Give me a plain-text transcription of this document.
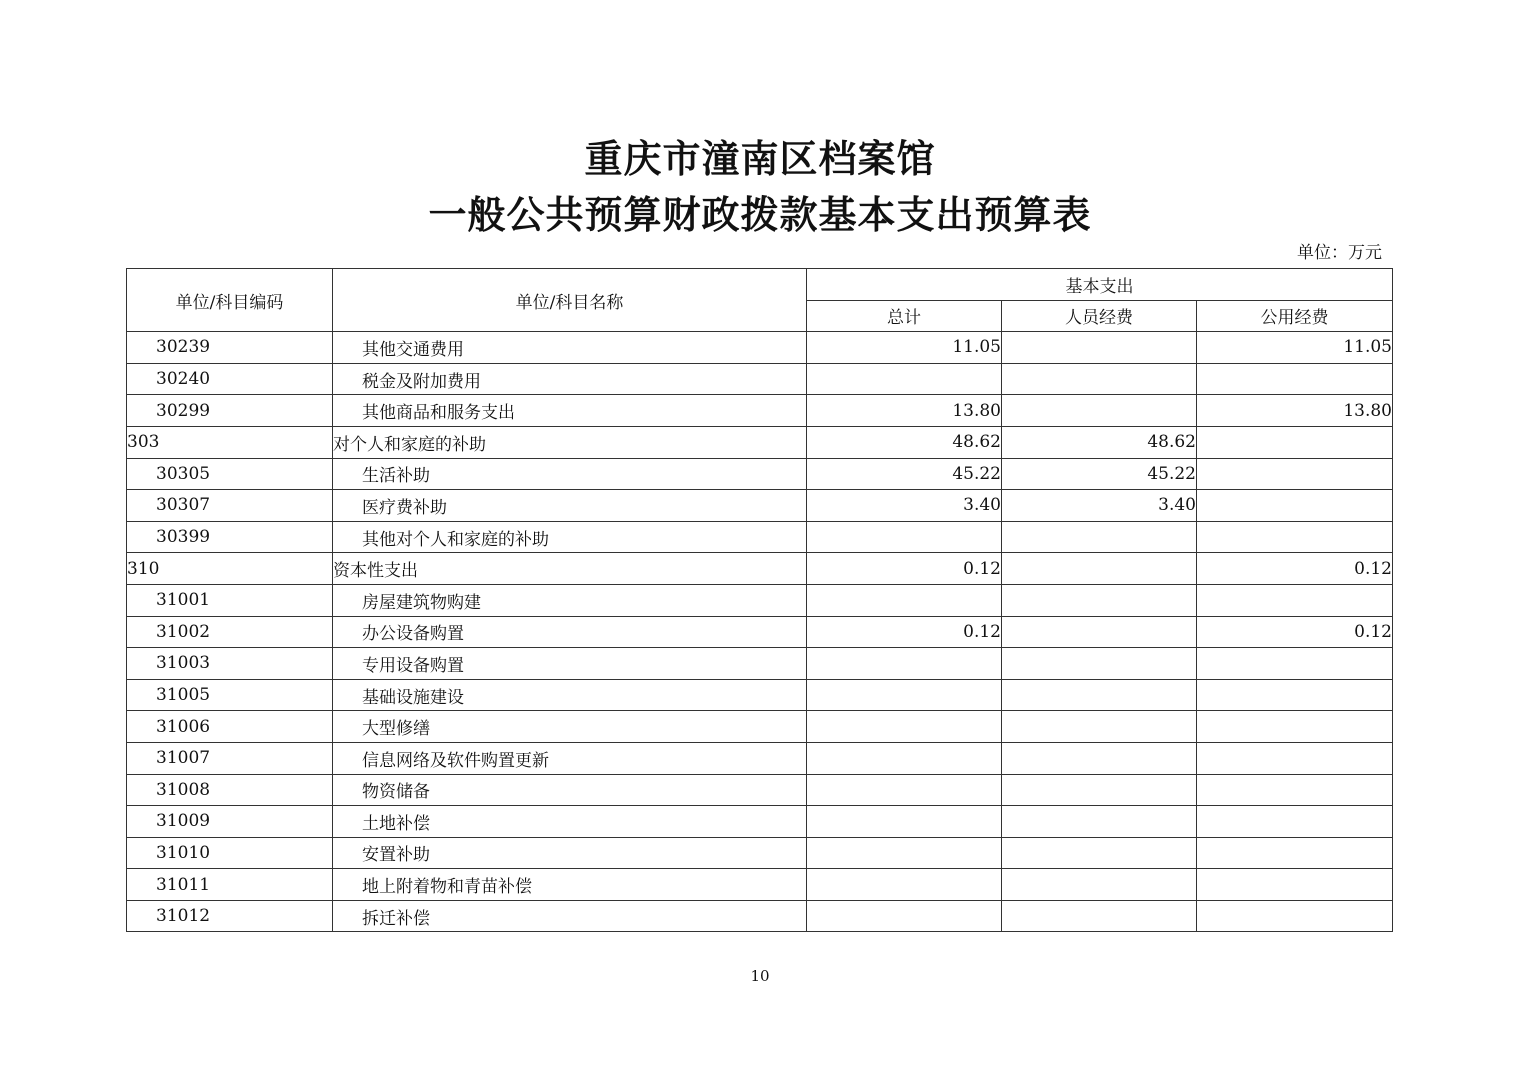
重庆市潼南区档案馆
一般公共预算财政拨款基本支出预算表
单位：万元
单位/科目编码	单位/科目名称	基本支出		
		总计	人员经费	公用经费
30239	其他交通费用	11.05		11.05
30240	税金及附加费用			
30299	其他商品和服务支出	13.80		13.80
303	对个人和家庭的补助	48.62	48.62	
30305	生活补助	45.22	45.22	
30307	医疗费补助	3.40	3.40	
30399	其他对个人和家庭的补助			
310	资本性支出	0.12		0.12
31001	房屋建筑物购建			
31002	办公设备购置	0.12		0.12
31003	专用设备购置			
31005	基础设施建设			
31006	大型修缮			
31007	信息网络及软件购置更新			
31008	物资储备			
31009	土地补偿			
31010	安置补助			
31011	地上附着物和青苗补偿			
31012	拆迁补偿			
10
